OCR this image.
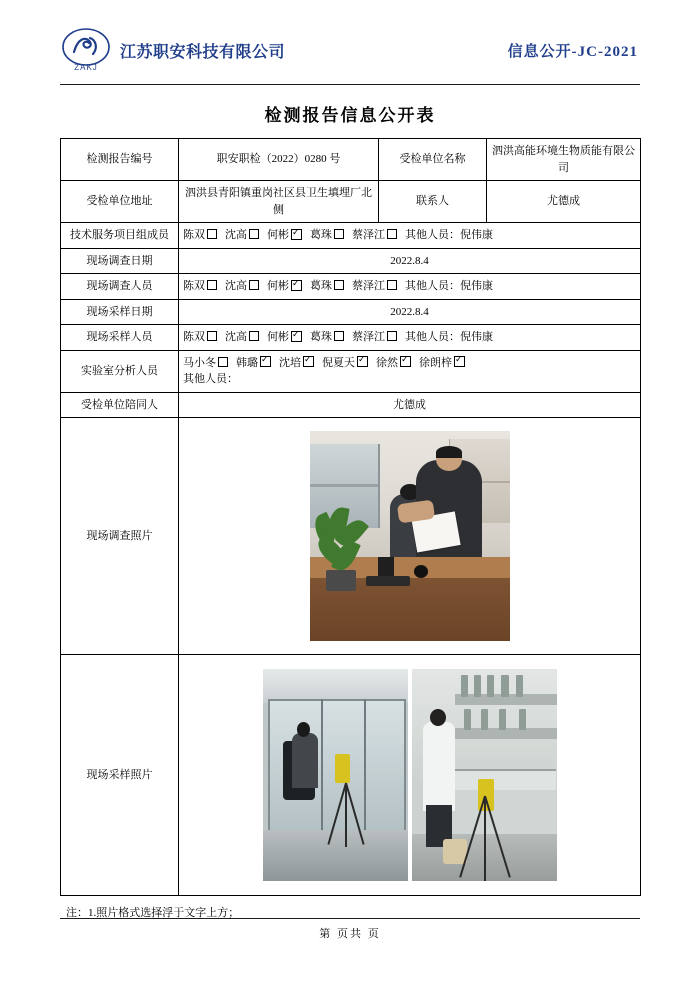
ZAKJ
江苏职安科技有限公司	信息公开-JC-2021
检测报告信息公开表
检测报告编号	职安职检（2022）0280 号	受检单位名称	泗洪高能环境生物质能有限公司
受检单位地址	泗洪县青阳镇重岗社区县卫生填埋厂北侧	联系人	尤德成
技术服务项目组成员	陈双 沈高 何彬 ✓ 葛珠 蔡泽江 其他人员：倪伟康
现场调查日期	2022.8.4		
现场调查人员	陈双 沈高 何彬 ✓ 葛珠 蔡泽江 其他人员：倪伟康
现场采样日期	2022.8.4		
现场采样人员	陈双 沈高 何彬 ✓ 葛珠 蔡泽江 其他人员：倪伟康
实验室分析人员	马小冬 韩璐 ✓ 沈培 ✓ 倪夏天 ✓ 徐然 ✓ 徐朗梓✓
其他人员：

受检单位陪同人	尤德成		
现场调查照片			

现场采样照片			
注：1.照片格式选择浮于文字上方；
第 页共 页
